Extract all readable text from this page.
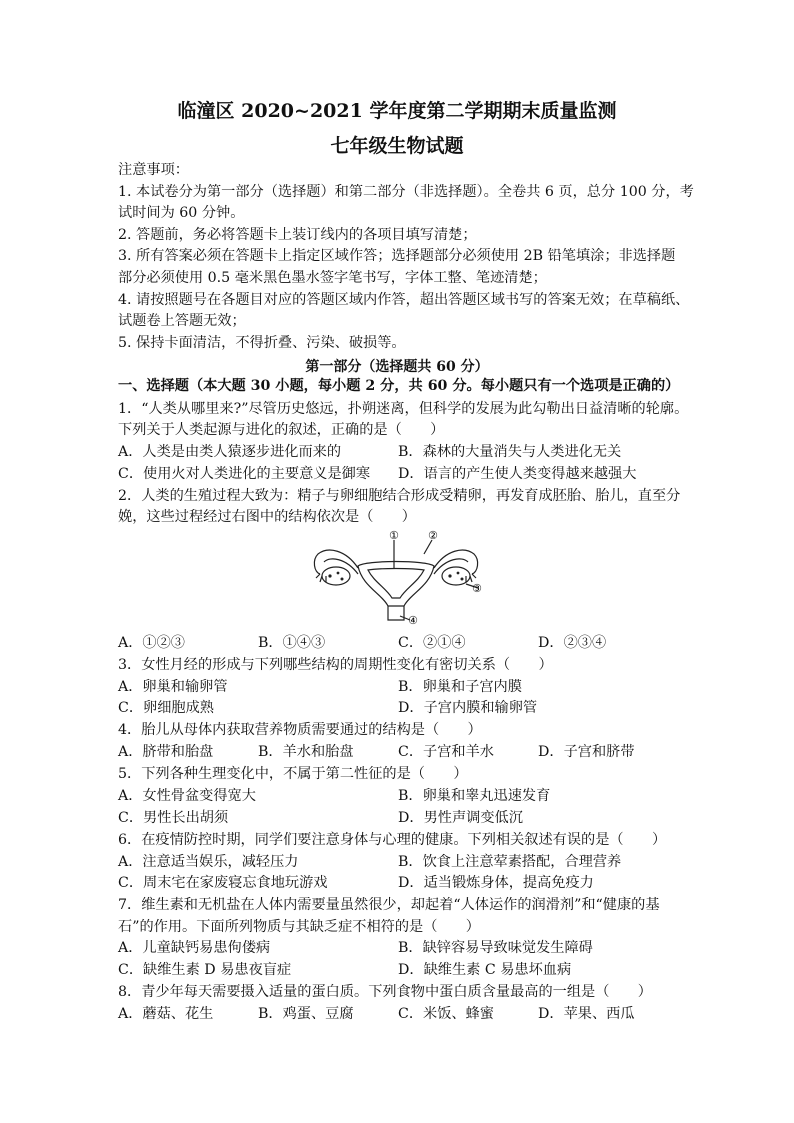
临潼区 2020~2021 学年度第二学期期末质量监测
七年级生物试题
注意事项：
1. 本试卷分为第一部分（选择题）和第二部分（非选择题）。全卷共 6 页，总分 100 分，考
试时间为 60 分钟。
2. 答题前，务必将答题卡上装订线内的各项目填写清楚；
3. 所有答案必须在答题卡上指定区域作答；选择题部分必须使用 2B 铅笔填涂；非选择题
部分必须使用 0.5 毫米黑色墨水签字笔书写，字体工整、笔迹清楚；
4. 请按照题号在各题目对应的答题区域内作答，超出答题区域书写的答案无效；在草稿纸、
试题卷上答题无效；
5. 保持卡面清洁，不得折叠、污染、破损等。
第一部分（选择题共 60 分）
一、选择题（本大题 30 小题，每小题 2 分，共 60 分。每小题只有一个选项是正确的）
1．“人类从哪里来?”尽管历史悠远，扑朔迷离，但科学的发展为此勾勒出日益清晰的轮廓。
下列关于人类起源与进化的叙述，正确的是（　　）
A．人类是由类人猿逐步进化而来的	B．森林的大量消失与人类进化无关
C．使用火对人类进化的主要意义是御寒 D．语言的产生使人类变得越来越强大
2．人类的生殖过程大致为：精子与卵细胞结合形成受精卵，再发育成胚胎、胎儿，直至分
娩，这些过程经过右图中的结构依次是（　　）
①	②
③
④
A．①②③	B．①④③	C．②①④	D．②③④
3．女性月经的形成与下列哪些结构的周期性变化有密切关系（　　）
A．卵巢和输卵管	B．卵巢和子宫内膜
C．卵细胞成熟	D．子宫内膜和输卵管
4．胎儿从母体内获取营养物质需要通过的结构是（　　）
A．脐带和胎盘	B．羊水和胎盘	C．子宫和羊水	D．子宫和脐带
5．下列各种生理变化中，不属于第二性征的是（　　）
A．女性骨盆变得宽大	B．卵巢和睾丸迅速发育
C．男性长出胡须	D．男性声调变低沉
6．在疫情防控时期，同学们要注意身体与心理的健康。下列相关叙述有误的是（　　）
A．注意适当娱乐，减轻压力	B．饮食上注意荤素搭配，合理营养
C．周末宅在家废寝忘食地玩游戏	D．适当锻炼身体，提高免疫力
7．维生素和无机盐在人体内需要量虽然很少，却起着“人体运作的润滑剂”和“健康的基
石”的作用。下面所列物质与其缺乏症不相符的是（　　）
A．儿童缺钙易患佝偻病	B．缺锌容易导致味觉发生障碍
C．缺维生素 D 易患夜盲症	D．缺维生素 C 易患坏血病
8．青少年每天需要摄入适量的蛋白质。下列食物中蛋白质含量最高的一组是（　　）
A．蘑菇、花生	B．鸡蛋、豆腐	C．米饭、蜂蜜	D．苹果、西瓜
